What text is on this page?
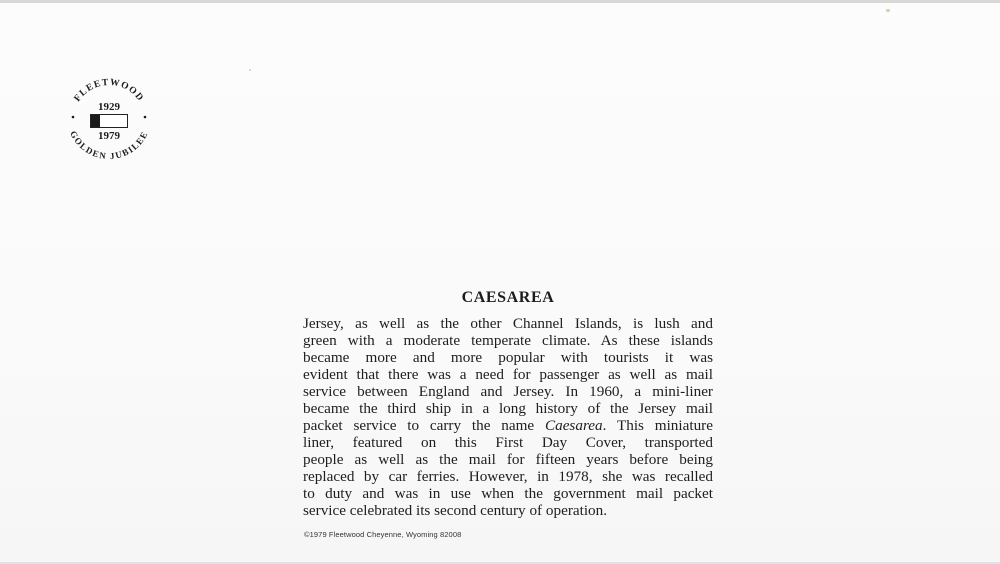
FLEETWOOD
GOLDEN JUBILEE
1929
1979
CAESAREA
Jersey, as well as the other Channel Islands, is lush and
green with a moderate temperate climate. As these islands
became more and more popular with tourists it was
evident that there was a need for passenger as well as mail
service between England and Jersey. In 1960, a mini-liner
became the third ship in a long history of the Jersey mail
packet service to carry the name Caesarea. This miniature
liner, featured on this First Day Cover, transported
people as well as the mail for fifteen years before being
replaced by car ferries. However, in 1978, she was recalled
to duty and was in use when the government mail packet
service celebrated its second century of operation.
©1979 Fleetwood Cheyenne, Wyoming 82008
